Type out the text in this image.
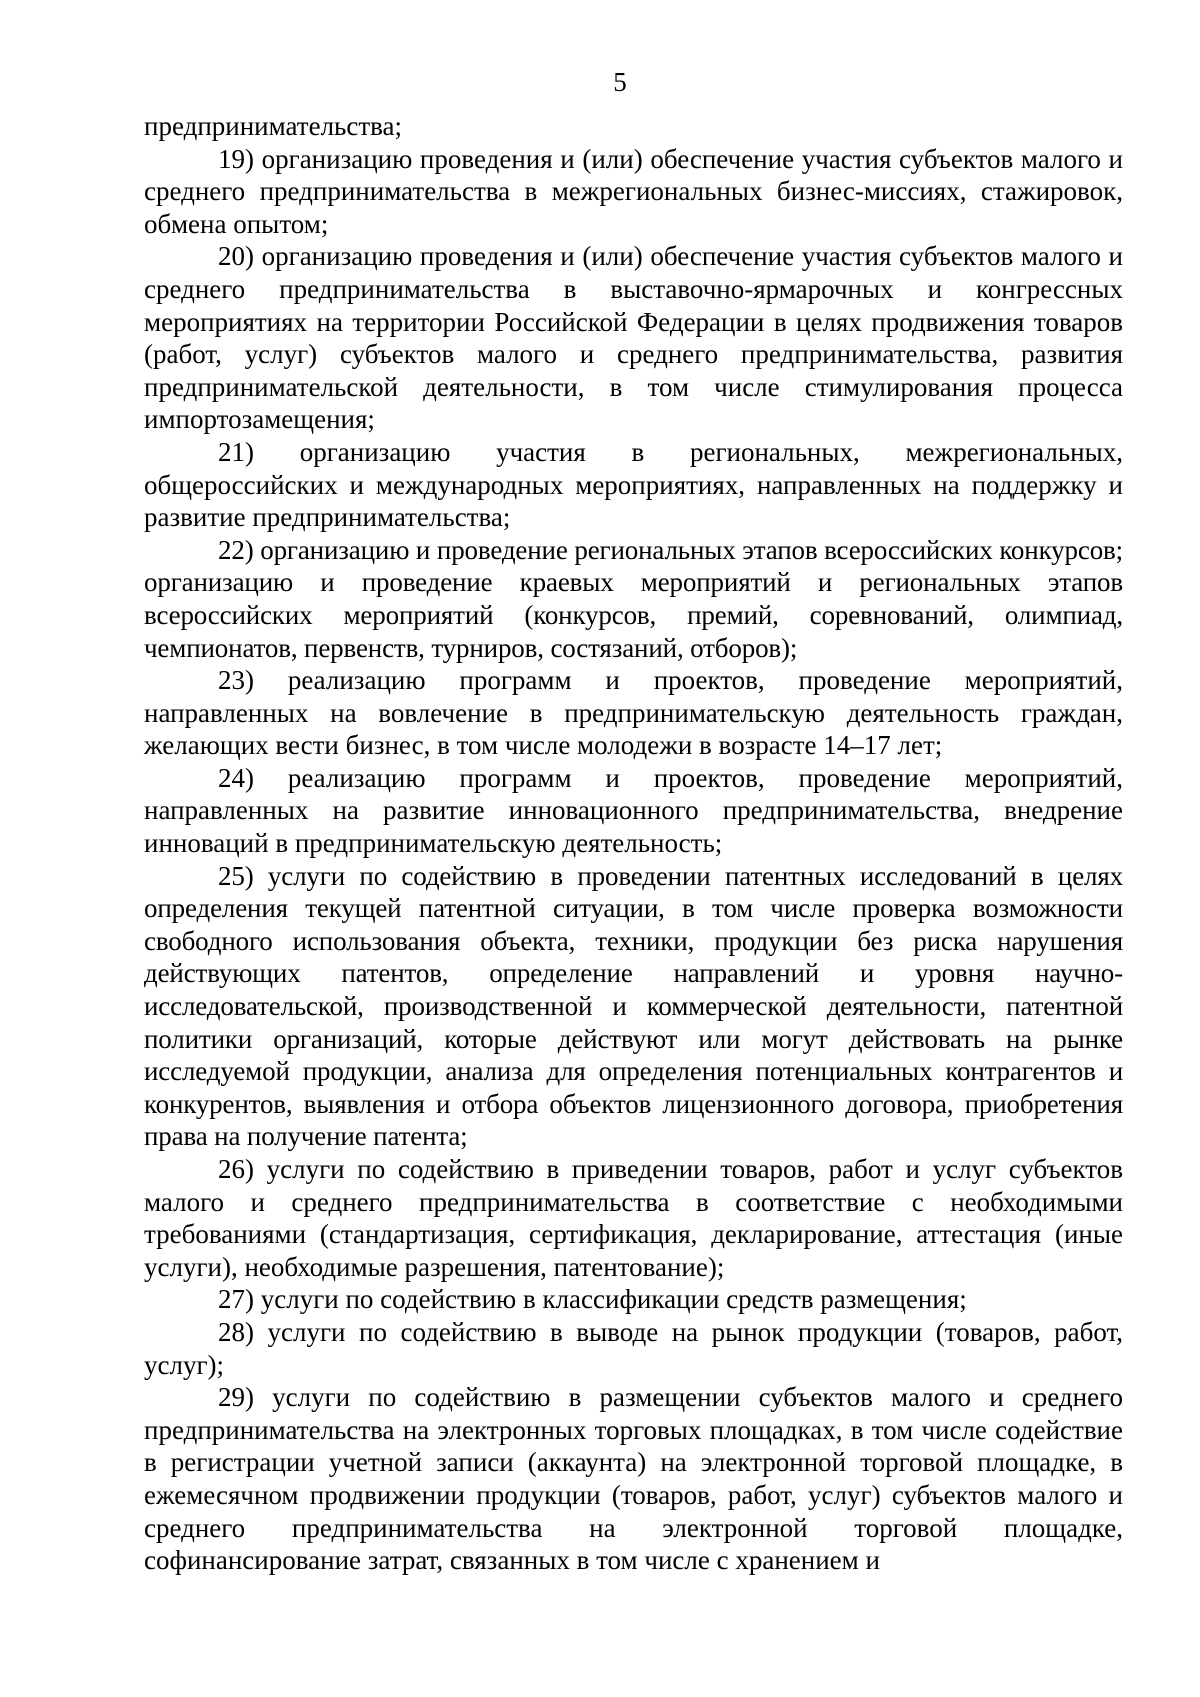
5

предпринимательства;

19) организацию проведения и (или) обеспечение участия субъектов малого и среднего предпринимательства в межрегиональных бизнес-миссиях, стажировок, обмена опытом;

20) организацию проведения и (или) обеспечение участия субъектов малого и среднего предпринимательства в выставочно-ярмарочных и конгрессных мероприятиях на территории Российской Федерации в целях продвижения товаров (работ, услуг) субъектов малого и среднего предпринимательства, развития предпринимательской деятельности, в том числе стимулирования процесса импортозамещения;

21) организацию участия в региональных, межрегиональных, общероссийских и международных мероприятиях, направленных на поддержку и развитие предпринимательства;

22) организацию и проведение региональных этапов всероссийских конкурсов; организацию и проведение краевых мероприятий и региональных этапов всероссийских мероприятий (конкурсов, премий, соревнований, олимпиад, чемпионатов, первенств, турниров, состязаний, отборов);

23) реализацию программ и проектов, проведение мероприятий, направленных на вовлечение в предпринимательскую деятельность граждан, желающих вести бизнес, в том числе молодежи в возрасте 14–17 лет;

24) реализацию программ и проектов, проведение мероприятий, направленных на развитие инновационного предпринимательства, внедрение инноваций в предпринимательскую деятельность;

25) услуги по содействию в проведении патентных исследований в целях определения текущей патентной ситуации, в том числе проверка возможности свободного использования объекта, техники, продукции без риска нарушения действующих патентов, определение направлений и уровня научно-исследовательской, производственной и коммерческой деятельности, патентной политики организаций, которые действуют или могут действовать на рынке исследуемой продукции, анализа для определения потенциальных контрагентов и конкурентов, выявления и отбора объектов лицензионного договора, приобретения права на получение патента;

26) услуги по содействию в приведении товаров, работ и услуг субъектов малого и среднего предпринимательства в соответствие с необходимыми требованиями (стандартизация, сертификация, декларирование, аттестация (иные услуги), необходимые разрешения, патентование);

27) услуги по содействию в классификации средств размещения;

28) услуги по содействию в выводе на рынок продукции (товаров, работ, услуг);

29) услуги по содействию в размещении субъектов малого и среднего предпринимательства на электронных торговых площадках, в том числе содействие в регистрации учетной записи (аккаунта) на электронной торговой площадке, в ежемесячном продвижении продукции (товаров, работ, услуг) субъектов малого и среднего предпринимательства на электронной торговой площадке, софинансирование затрат, связанных в том числе с хранением и
